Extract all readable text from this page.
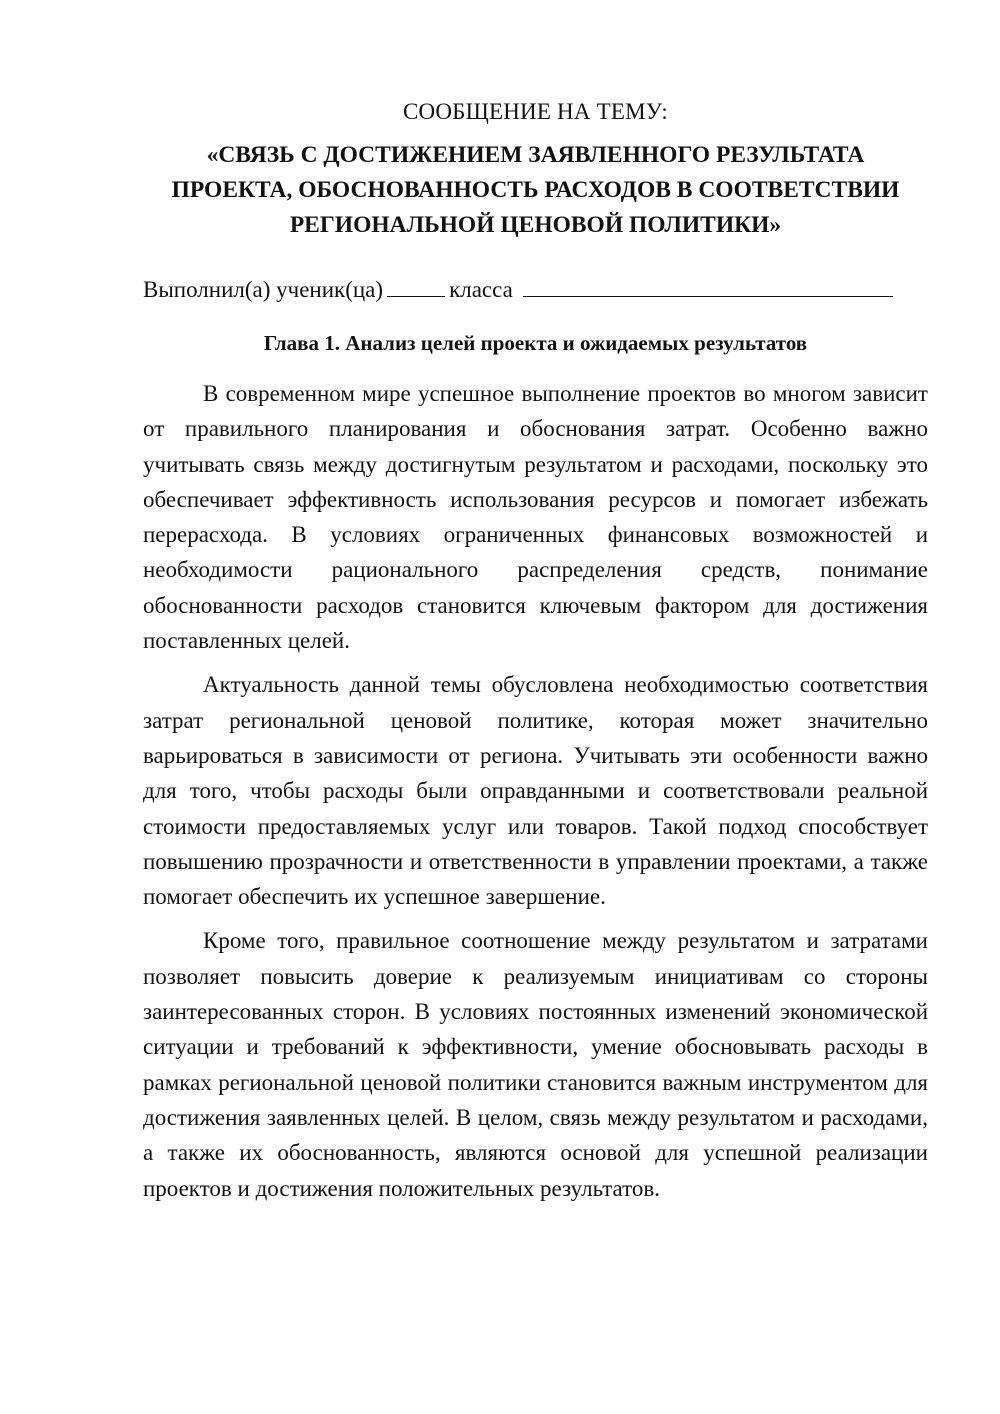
СООБЩЕНИЕ НА ТЕМУ:

«СВЯЗЬ С ДОСТИЖЕНИЕМ ЗАЯВЛЕННОГО РЕЗУЛЬТАТА
ПРОЕКТА, ОБОСНОВАННОСТЬ РАСХОДОВ В СООТВЕТСТВИИ
РЕГИОНАЛЬНОЙ ЦЕНОВОЙ ПОЛИТИКИ»

Выполнил(а) ученик(ца)	класса
Глава 1. Анализ целей проекта и ожидаемых результатов

В современном мире успешное выполнение проектов во многом зависит от правильного планирования и обоснования затрат. Особенно важно учитывать связь между достигнутым результатом и расходами, поскольку это обеспечивает эффективность использования ресурсов и помогает избежать перерасхода. В условиях ограниченных финансовых возможностей и необходимости рационального распределения средств, понимание обоснованности расходов становится ключевым фактором для достижения поставленных целей.

Актуальность данной темы обусловлена необходимостью соответствия затрат региональной ценовой политике, которая может значительно варьироваться в зависимости от региона. Учитывать эти особенности важно для того, чтобы расходы были оправданными и соответствовали реальной стоимости предоставляемых услуг или товаров. Такой подход способствует повышению прозрачности и ответственности в управлении проектами, а также помогает обеспечить их успешное завершение.

Кроме того, правильное соотношение между результатом и затратами позволяет повысить доверие к реализуемым инициативам со стороны заинтересованных сторон. В условиях постоянных изменений экономической ситуации и требований к эффективности, умение обосновывать расходы в рамках региональной ценовой политики становится важным инструментом для достижения заявленных целей. В целом, связь между результатом и расходами, а также их обоснованность, являются основой для успешной реализации проектов и достижения положительных результатов.
